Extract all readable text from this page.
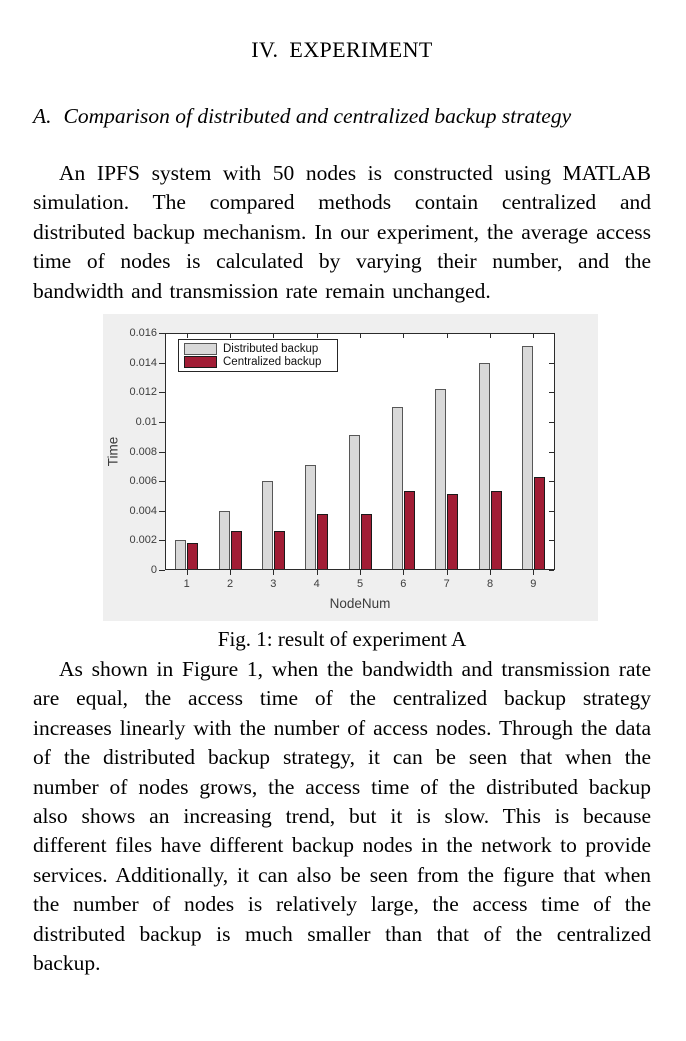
IV. EXPERIMENT
A. Comparison of distributed and centralized backup strategy

An IPFS system with 50 nodes is constructed using MATLAB simulation. The compared methods contain centralized and distributed backup mechanism. In our experiment, the average access time of nodes is calculated by varying their number, and the bandwidth and transmission rate remain unchanged.

0
0.002
0.004
0.006
0.008
0.01
0.012
0.014
0.016
1	2	3	4	5	6	7	8	9
NodeNum
Time
Distributed backup
Centralized backup
Fig. 1: result of experiment A

As shown in Figure 1, when the bandwidth and transmission rate are equal, the access time of the centralized backup strategy increases linearly with the number of access nodes. Through the data of the distributed backup strategy, it can be seen that when the number of nodes grows, the access time of the distributed backup also shows an increasing trend, but it is slow. This is because different files have different backup nodes in the network to provide services. Additionally, it can also be seen from the figure that when the number of nodes is relatively large, the access time of the distributed backup is much smaller than that of the centralized backup.
